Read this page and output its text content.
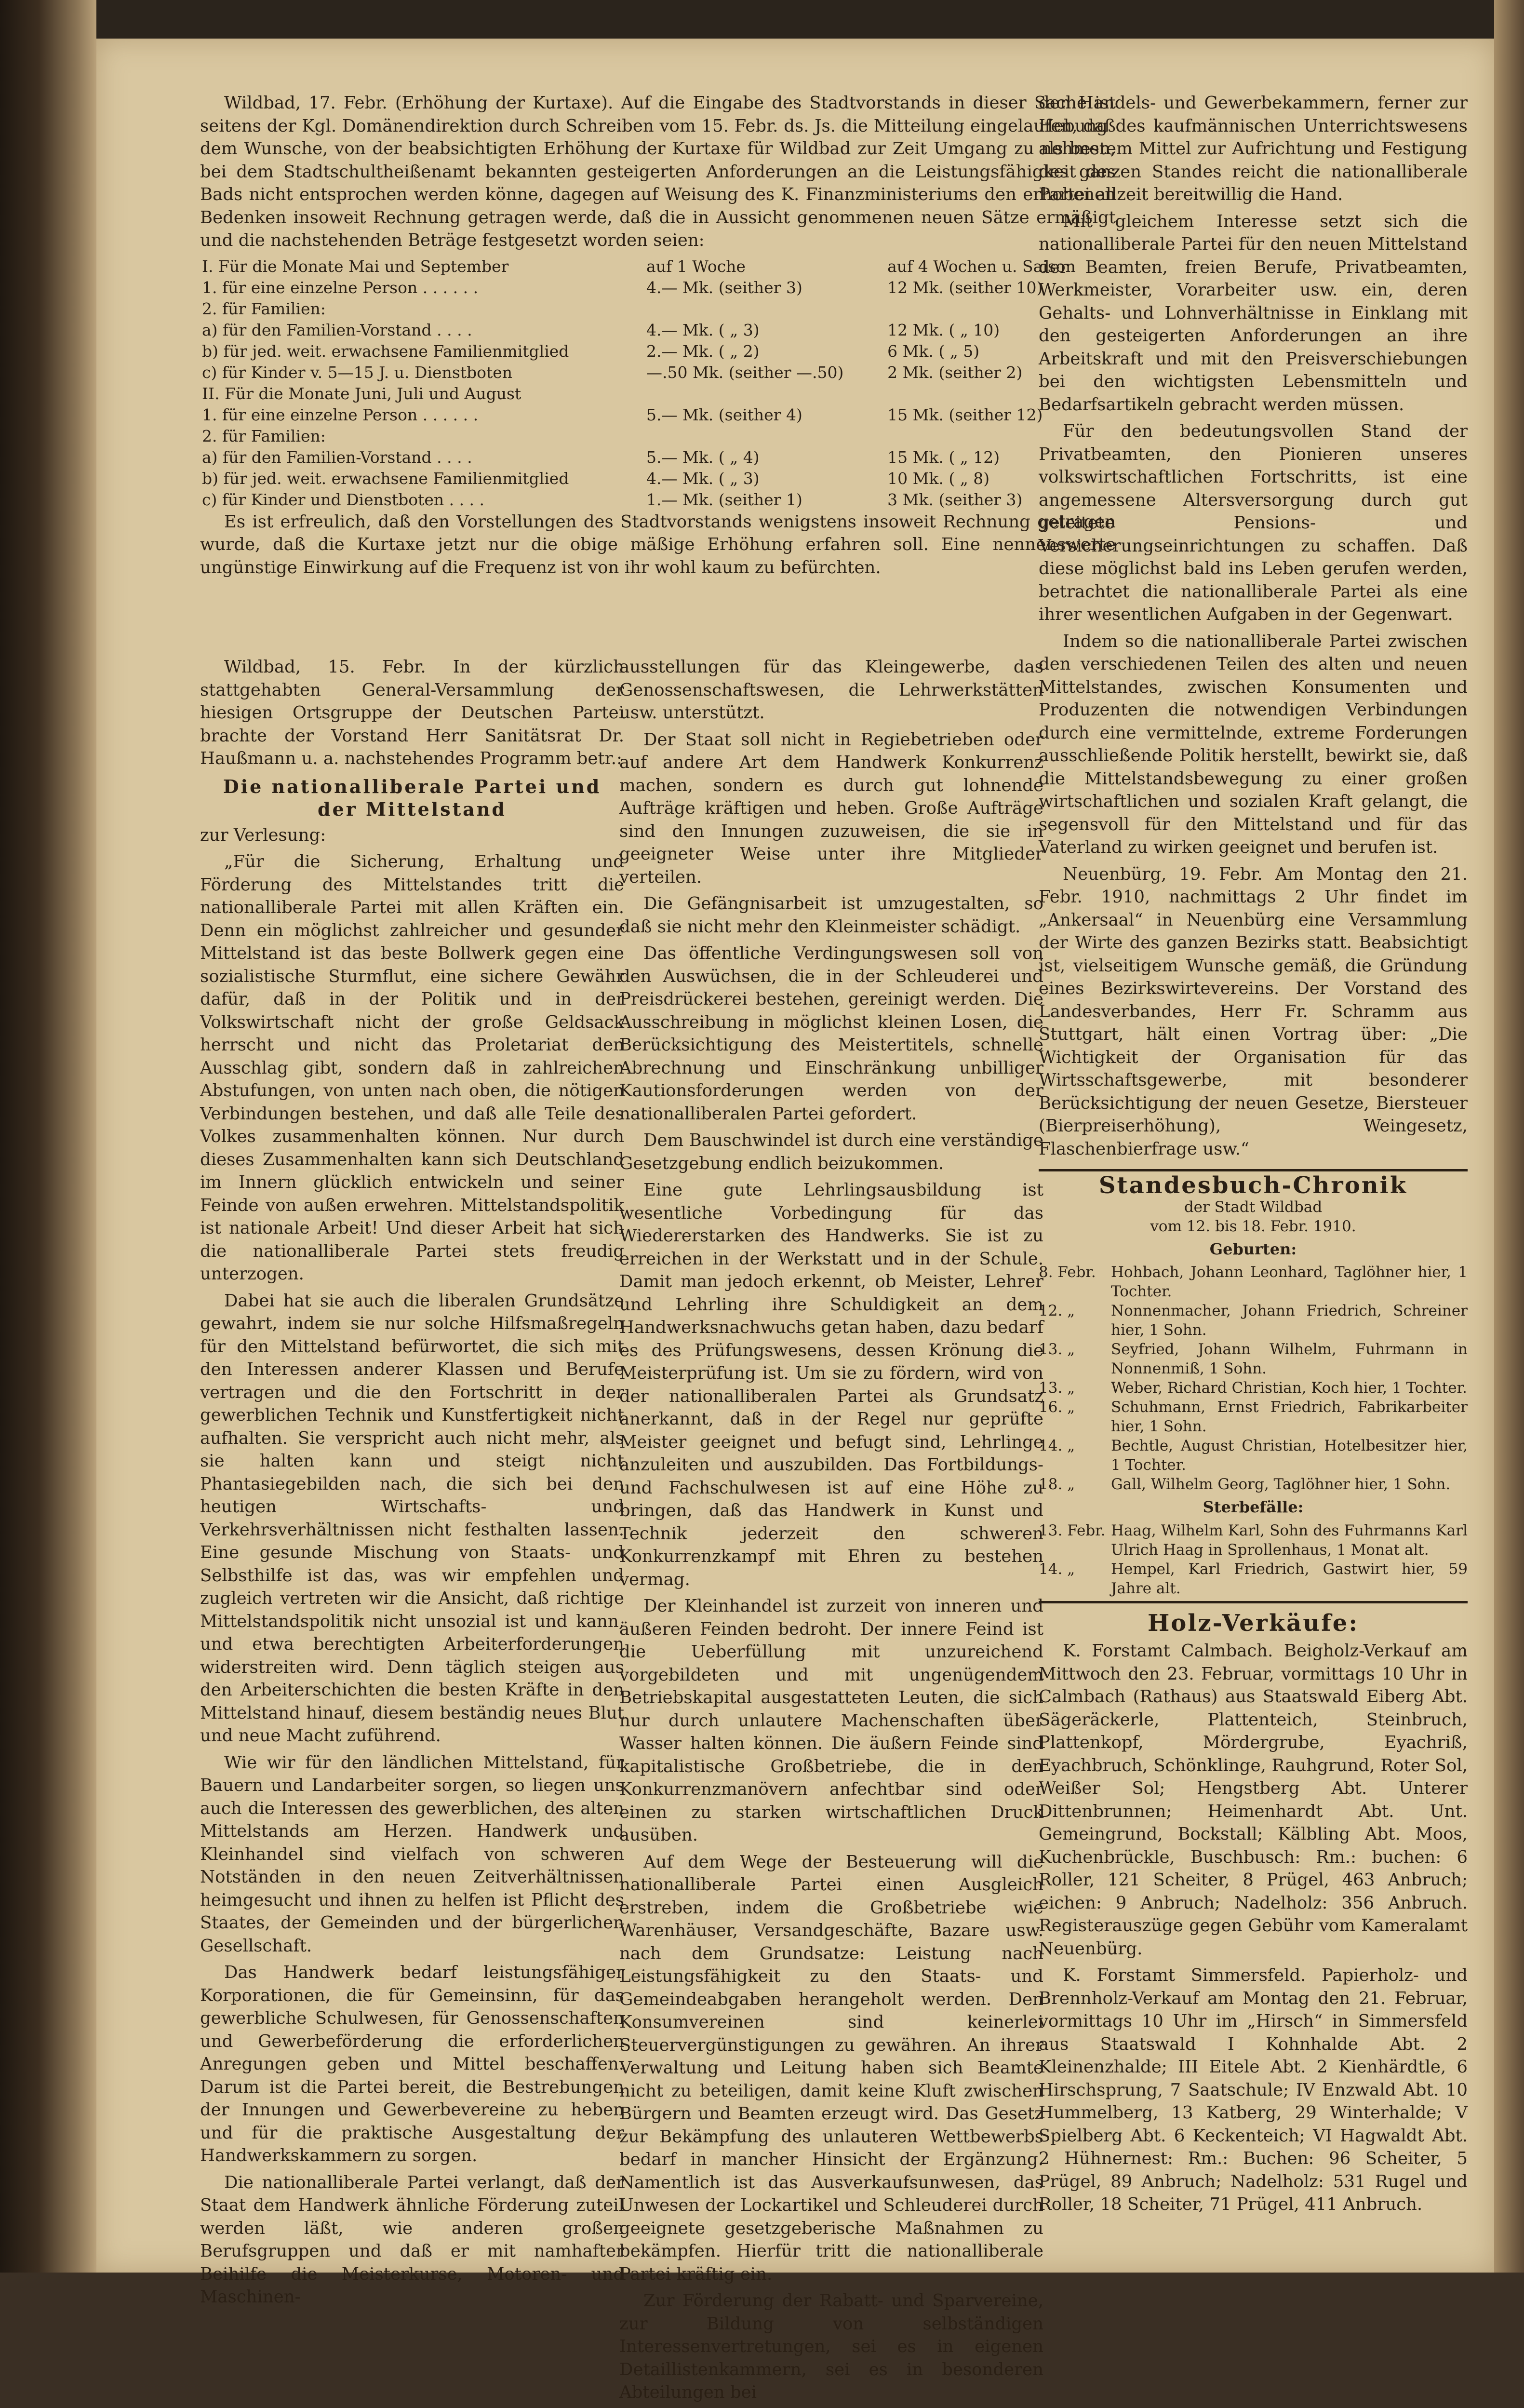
Wildbad, 17. Febr. (Erhöhung der Kurtaxe). Auf die Eingabe des Stadtvorstands in dieser Sache ist seitens der Kgl. Domänendirektion durch Schreiben vom 15. Febr. ds. Js. die Mitteilung eingelaufen, daß dem Wunsche, von der beabsichtigten Erhöhung der Kurtaxe für Wildbad zur Zeit Umgang zu nehmen, bei dem Stadtschultheißenamt bekannten gesteigerten Anforderungen an die Leistungsfähigkeit des Bads nicht entsprochen werden könne, dagegen auf Weisung des K. Finanzministeriums den erhobenen Bedenken insoweit Rechnung getragen werde, daß die in Aussicht genommenen neuen Sätze ermäßigt und die nachstehenden Beträge festgesetzt worden seien:

I. Für die Monate Mai und September	auf 1 Woche	auf 4 Wochen u. Saison
1. für eine einzelne Person . . . . . .	4.— Mk. (seither 3)	12 Mk. (seither 10)
2. für Familien:		
a) für den Familien-Vorstand . . . .	4.— Mk. ( „ 3)	12 Mk. ( „ 10)
b) für jed. weit. erwachsene Familienmitglied	2.— Mk. ( „ 2)	6 Mk. ( „ 5)
c) für Kinder v. 5—15 J. u. Dienstboten	—.50 Mk. (seither —.50)	2 Mk. (seither 2)
II. Für die Monate Juni, Juli und August		
1. für eine einzelne Person . . . . . .	5.— Mk. (seither 4)	15 Mk. (seither 12)
2. für Familien:		
a) für den Familien-Vorstand . . . .	5.— Mk. ( „ 4)	15 Mk. ( „ 12)
b) für jed. weit. erwachsene Familienmitglied	4.— Mk. ( „ 3)	10 Mk. ( „ 8)
c) für Kinder und Dienstboten . . . .	1.— Mk. (seither 1)	3 Mk. (seither 3)

Es ist erfreulich, daß den Vorstellungen des Stadtvorstands wenigstens insoweit Rechnung getragen wurde, daß die Kurtaxe jetzt nur die obige mäßige Erhöhung erfahren soll. Eine nennenswerte ungünstige Einwirkung auf die Frequenz ist von ihr wohl kaum zu befürchten.

Wildbad, 15. Febr. In der kürzlich stattgehabten General-Versammlung der hiesigen Ortsgruppe der Deutschen Partei brachte der Vorstand Herr Sanitätsrat Dr. Haußmann u. a. nachstehendes Programm betr.:

Die nationalliberale Partei und der Mittelstand

zur Verlesung:

„Für die Sicherung, Erhaltung und Förderung des Mittelstandes tritt die nationalliberale Partei mit allen Kräften ein. Denn ein möglichst zahlreicher und gesunder Mittelstand ist das beste Bollwerk gegen eine sozialistische Sturmflut, eine sichere Gewähr dafür, daß in der Politik und in der Volkswirtschaft nicht der große Geldsack herrscht und nicht das Proletariat den Ausschlag gibt, sondern daß in zahlreichen Abstufungen, von unten nach oben, die nötigen Verbindungen bestehen, und daß alle Teile des Volkes zusammenhalten können. Nur durch dieses Zusammenhalten kann sich Deutschland im Innern glücklich entwickeln und seiner Feinde von außen erwehren. Mittelstandspolitik ist nationale Arbeit! Und dieser Arbeit hat sich die nationalliberale Partei stets freudig unterzogen.

Dabei hat sie auch die liberalen Grundsätze gewahrt, indem sie nur solche Hilfsmaßregeln für den Mittelstand befürwortet, die sich mit den Interessen anderer Klassen und Berufe vertragen und die den Fortschritt in der gewerblichen Technik und Kunstfertigkeit nicht aufhalten. Sie verspricht auch nicht mehr, als sie halten kann und steigt nicht Phantasiegebilden nach, die sich bei den heutigen Wirtschafts- und Verkehrsverhältnissen nicht festhalten lassen. Eine gesunde Mischung von Staats- und Selbsthilfe ist das, was wir empfehlen und zugleich vertreten wir die Ansicht, daß richtige Mittelstandspolitik nicht unsozial ist und kann, und etwa berechtigten Arbeiterforderungen widerstreiten wird. Denn täglich steigen aus den Arbeiterschichten die besten Kräfte in den Mittelstand hinauf, diesem beständig neues Blut und neue Macht zuführend.

Wie wir für den ländlichen Mittelstand, für Bauern und Landarbeiter sorgen, so liegen uns auch die Interessen des gewerblichen, des alten Mittelstands am Herzen. Handwerk und Kleinhandel sind vielfach von schweren Notständen in den neuen Zeitverhältnissen heimgesucht und ihnen zu helfen ist Pflicht des Staates, der Gemeinden und der bürgerlichen Gesellschaft.

Das Handwerk bedarf leistungsfähiger Korporationen, die für Gemeinsinn, für das gewerbliche Schulwesen, für Genossenschaften und Gewerbeförderung die erforderlichen Anregungen geben und Mittel beschaffen. Darum ist die Partei bereit, die Bestrebungen der Innungen und Gewerbevereine zu heben und für die praktische Ausgestaltung der Handwerkskammern zu sorgen.

Die nationalliberale Partei verlangt, daß der Staat dem Handwerk ähnliche Förderung zuteil werden läßt, wie anderen großen Berufsgruppen und daß er mit namhafter Beihilfe die Meisterkurse, Motoren- und Maschinen-

ausstellungen für das Kleingewerbe, das Genossenschaftswesen, die Lehrwerkstätten usw. unterstützt.

Der Staat soll nicht in Regiebetrieben oder auf andere Art dem Handwerk Konkurrenz machen, sondern es durch gut lohnende Aufträge kräftigen und heben. Große Aufträge sind den Innungen zuzuweisen, die sie in geeigneter Weise unter ihre Mitglieder verteilen.

Die Gefängnisarbeit ist umzugestalten, so daß sie nicht mehr den Kleinmeister schädigt.

Das öffentliche Verdingungswesen soll von den Auswüchsen, die in der Schleuderei und Preisdrückerei bestehen, gereinigt werden. Die Ausschreibung in möglichst kleinen Losen, die Berücksichtigung des Meistertitels, schnelle Abrechnung und Einschränkung unbilliger Kautionsforderungen werden von der nationalliberalen Partei gefordert.

Dem Bauschwindel ist durch eine verständige Gesetzgebung endlich beizukommen.

Eine gute Lehrlingsausbildung ist wesentliche Vorbedingung für das Wiedererstarken des Handwerks. Sie ist zu erreichen in der Werkstatt und in der Schule. Damit man jedoch erkennt, ob Meister, Lehrer und Lehrling ihre Schuldigkeit an dem Handwerksnachwuchs getan haben, dazu bedarf es des Prüfungswesens, dessen Krönung die Meisterprüfung ist. Um sie zu fördern, wird von der nationalliberalen Partei als Grundsatz anerkannt, daß in der Regel nur geprüfte Meister geeignet und befugt sind, Lehrlinge anzuleiten und auszubilden. Das Fortbildungs- und Fachschulwesen ist auf eine Höhe zu bringen, daß das Handwerk in Kunst und Technik jederzeit den schweren Konkurrenzkampf mit Ehren zu bestehen vermag.

Der Kleinhandel ist zurzeit von inneren und äußeren Feinden bedroht. Der innere Feind ist die Ueberfüllung mit unzureichend vorgebildeten und mit ungenügendem Betriebskapital ausgestatteten Leuten, die sich nur durch unlautere Machenschaften über Wasser halten können. Die äußern Feinde sind kapitalistische Großbetriebe, die in den Konkurrenzmanövern anfechtbar sind oder einen zu starken wirtschaftlichen Druck ausüben.

Auf dem Wege der Besteuerung will die nationalliberale Partei einen Ausgleich erstreben, indem die Großbetriebe wie Warenhäuser, Versandgeschäfte, Bazare usw. nach dem Grundsatze: Leistung nach Leistungsfähigkeit zu den Staats- und Gemeindeabgaben herangeholt werden. Den Konsumvereinen sind keinerlei Steuervergünstigungen zu gewähren. An ihrer Verwaltung und Leitung haben sich Beamte nicht zu beteiligen, damit keine Kluft zwischen Bürgern und Beamten erzeugt wird. Das Gesetz zur Bekämpfung des unlauteren Wettbewerbs bedarf in mancher Hinsicht der Ergänzung. Namentlich ist das Ausverkaufsunwesen, das Unwesen der Lockartikel und Schleuderei durch geeignete gesetzgeberische Maßnahmen zu bekämpfen. Hierfür tritt die nationalliberale Partei kräftig ein.

Zur Förderung der Rabatt- und Sparvereine, zur Bildung von selbständigen Interessenvertretungen, sei es in eigenen Detaillistenkammern, sei es in besonderen Abteilungen bei

den Handels- und Gewerbekammern, ferner zur Hebung des kaufmännischen Unterrichtswesens als bestem Mittel zur Aufrichtung und Festigung des ganzen Standes reicht die nationalliberale Partei allzeit bereitwillig die Hand.

Mit gleichem Interesse setzt sich die nationalliberale Partei für den neuen Mittelstand der Beamten, freien Berufe, Privatbeamten, Werkmeister, Vorarbeiter usw. ein, deren Gehalts- und Lohnverhältnisse in Einklang mit den gesteigerten Anforderungen an ihre Arbeitskraft und mit den Preisverschiebungen bei den wichtigsten Lebensmitteln und Bedarfsartikeln gebracht werden müssen.

Für den bedeutungsvollen Stand der Privatbeamten, den Pionieren unseres volkswirtschaftlichen Fortschritts, ist eine angemessene Altersversorgung durch gut geleitete Pensions- und Versicherungseinrichtungen zu schaffen. Daß diese möglichst bald ins Leben gerufen werden, betrachtet die nationalliberale Partei als eine ihrer wesentlichen Aufgaben in der Gegenwart.

Indem so die nationalliberale Partei zwischen den verschiedenen Teilen des alten und neuen Mittelstandes, zwischen Konsumenten und Produzenten die notwendigen Verbindungen durch eine vermittelnde, extreme Forderungen ausschließende Politik herstellt, bewirkt sie, daß die Mittelstandsbewegung zu einer großen wirtschaftlichen und sozialen Kraft gelangt, die segensvoll für den Mittelstand und für das Vaterland zu wirken geeignet und berufen ist.

Neuenbürg, 19. Febr. Am Montag den 21. Febr. 1910, nachmittags 2 Uhr findet im „Ankersaal“ in Neuenbürg eine Versammlung der Wirte des ganzen Bezirks statt. Beabsichtigt ist, vielseitigem Wunsche gemäß, die Gründung eines Bezirkswirtevereins. Der Vorstand des Landesverbandes, Herr Fr. Schramm aus Stuttgart, hält einen Vortrag über: „Die Wichtigkeit der Organisation für das Wirtsschaftsgewerbe, mit besonderer Berücksichtigung der neuen Gesetze, Biersteuer (Bierpreiserhöhung), Weingesetz, Flaschenbierfrage usw.“

Standesbuch-Chronik
der Stadt Wildbad
vom 12. bis 18. Febr. 1910.
Geburten:
8. Febr.	Hohbach, Johann Leonhard, Taglöhner hier, 1 Tochter.
12. „	Nonnenmacher, Johann Friedrich, Schreiner hier, 1 Sohn.
13. „	Seyfried, Johann Wilhelm, Fuhrmann in Nonnenmiß, 1 Sohn.
13. „	Weber, Richard Christian, Koch hier, 1 Tochter.
16. „	Schuhmann, Ernst Friedrich, Fabrikarbeiter hier, 1 Sohn.
14. „	Bechtle, August Christian, Hotelbesitzer hier, 1 Tochter.
18. „	Gall, Wilhelm Georg, Taglöhner hier, 1 Sohn.
Sterbefälle:
13. Febr. Haag, Wilhelm Karl, Sohn des Fuhrmanns Karl Ulrich Haag in Sprollenhaus, 1 Monat alt.
14. „	Hempel, Karl Friedrich, Gastwirt hier, 59 Jahre alt.
Holz-Verkäufe:

K. Forstamt Calmbach. Beigholz-Verkauf am Mittwoch den 23. Februar, vormittags 10 Uhr in Calmbach (Rathaus) aus Staatswald Eiberg Abt. Sägeräckerle, Plattenteich, Steinbruch, Plattenkopf, Mördergrube, Eyachriß, Eyachbruch, Schönklinge, Rauhgrund, Roter Sol, Weißer Sol; Hengstberg Abt. Unterer Dittenbrunnen; Heimenhardt Abt. Unt. Gemeingrund, Bockstall; Kälbling Abt. Moos, Kuchenbrückle, Buschbusch: Rm.: buchen: 6 Roller, 121 Scheiter, 8 Prügel, 463 Anbruch; eichen: 9 Anbruch; Nadelholz: 356 Anbruch. Registerauszüge gegen Gebühr vom Kameralamt Neuenbürg.

K. Forstamt Simmersfeld. Papierholz- und Brennholz-Verkauf am Montag den 21. Februar, vormittags 10 Uhr im „Hirsch“ in Simmersfeld aus Staatswald I Kohnhalde Abt. 2 Kleinenzhalde; III Eitele Abt. 2 Kienhärdtle, 6 Hirschsprung, 7 Saatschule; IV Enzwald Abt. 10 Hummelberg, 13 Katberg, 29 Winterhalde; V Spielberg Abt. 6 Keckenteich; VI Hagwaldt Abt. 2 Hühnernest: Rm.: Buchen: 96 Scheiter, 5 Prügel, 89 Anbruch; Nadelholz: 531 Rugel und Roller, 18 Scheiter, 71 Prügel, 411 Anbruch.
